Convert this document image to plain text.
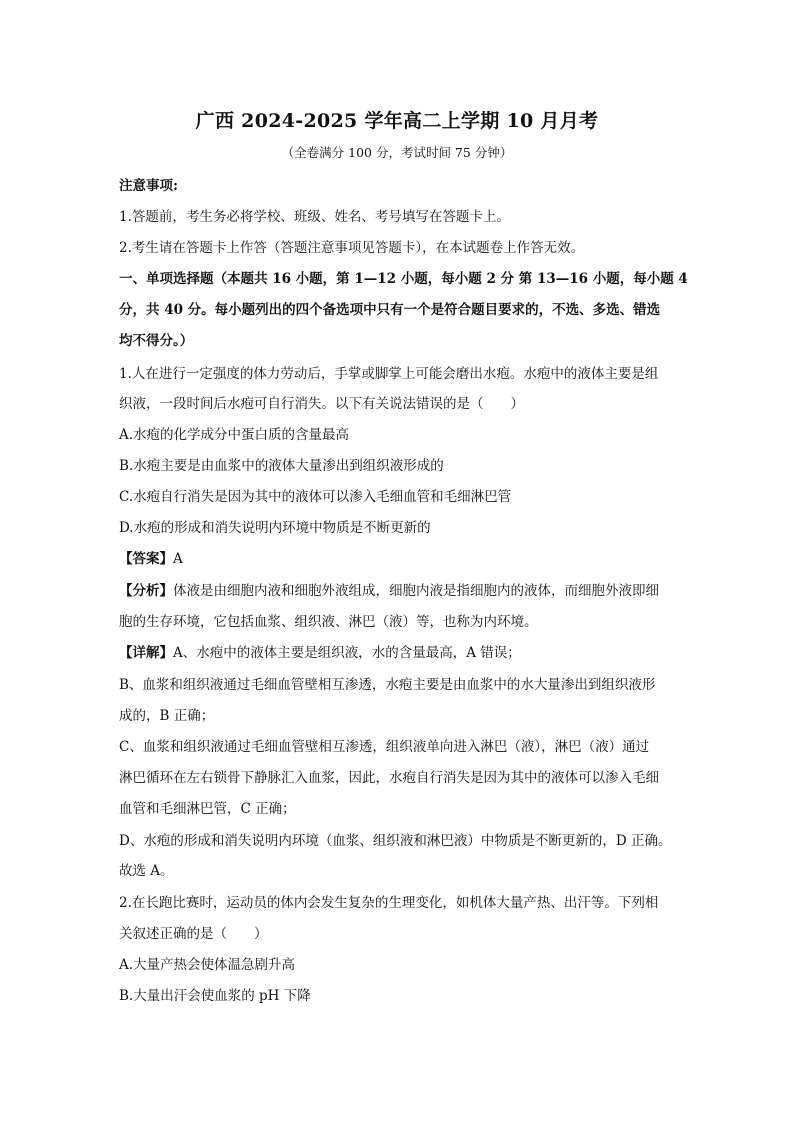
广西 2024-2025 学年高二上学期 10 月月考
（全卷满分 100 分，考试时间 75 分钟）
注意事项:
1.答题前，考生务必将学校、班级、姓名、考号填写在答题卡上。
2.考生请在答题卡上作答（答题注意事项见答题卡），在本试题卷上作答无效。
一、单项选择题（本题共 16 小题，第 1—12 小题，每小题 2 分 第 13—16 小题，每小题 4
分，共 40 分。每小题列出的四个备选项中只有一个是符合题目要求的，不选、多选、错选
均不得分。）
1.人在进行一定强度的体力劳动后，手掌或脚掌上可能会磨出水疱。水疱中的液体主要是组
织液，一段时间后水疱可自行消失。以下有关说法错误的是（　　）
A.水疱的化学成分中蛋白质的含量最高
B.水疱主要是由血浆中的液体大量渗出到组织液形成的
C.水疱自行消失是因为其中的液体可以渗入毛细血管和毛细淋巴管
D.水疱的形成和消失说明内环境中物质是不断更新的
【答案】A
【分析】体液是由细胞内液和细胞外液组成，细胞内液是指细胞内的液体，而细胞外液即细
胞的生存环境，它包括血浆、组织液、淋巴（液）等，也称为内环境。
【详解】A、水疱中的液体主要是组织液，水的含量最高，A 错误；
B、血浆和组织液通过毛细血管壁相互渗透，水疱主要是由血浆中的水大量渗出到组织液形
成的，B 正确；
C、血浆和组织液通过毛细血管壁相互渗透，组织液单向进入淋巴（液），淋巴（液）通过
淋巴循环在左右锁骨下静脉汇入血浆，因此，水疱自行消失是因为其中的液体可以渗入毛细
血管和毛细淋巴管，C 正确；
D、水疱的形成和消失说明内环境（血浆、组织液和淋巴液）中物质是不断更新的，D 正确。
故选 A。
2.在长跑比赛时，运动员的体内会发生复杂的生理变化，如机体大量产热、出汗等。下列相
关叙述正确的是（　　）
A.大量产热会使体温急剧升高
B.大量出汗会使血浆的 pH 下降
